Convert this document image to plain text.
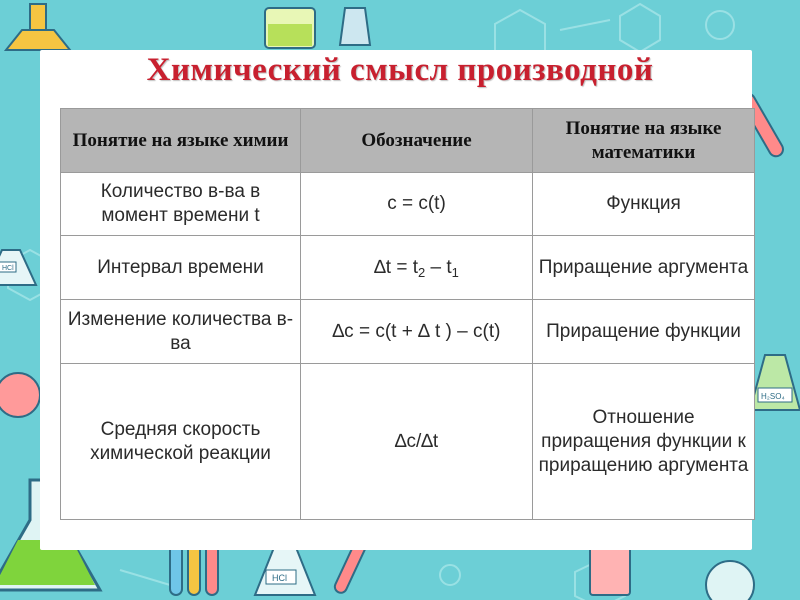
HCl
H₂SO₄
HCl
Химический смысл производной
Понятие на языке химии	Обозначение	Понятие на языке математики
Количество в-ва в момент времени t	c = c(t)	Функция
Интервал времени	$\Delta t = t_2 - t_1$	Приращение аргумента
Изменение количества в-ва	∆c = c(t + ∆ t ) – c(t)	Приращение функции
Средняя скорость химической реакции	∆c/∆t	Отношение приращения функции к приращению аргумента
